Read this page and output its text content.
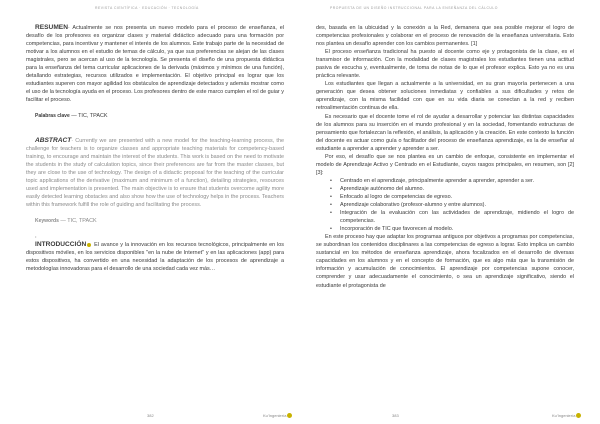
REVISTA CIENTÍFICA · EDUCACIÓN · TECNOLOGÍA	PROPUESTA DE UN DISEÑO INSTRUCCIONAL PARA LA ENSEÑANZA DEL CÁLCULO

RESUMEN· Actualmente se nos presenta un nuevo modelo para el proceso de enseñanza, el desafío de los profesores es organizar clases y material didáctico adecuado para una formación por competencias, para incentivar y mantener el interés de los alumnos. Este trabajo parte de la necesidad de motivar a los alumnos en el estudio de temas de cálculo, ya que sus preferencias se alejan de las clases magistrales, pero se acercan al uso de la tecnología. Se presenta el diseño de una propuesta didáctica para la enseñanza del tema curricular aplicaciones de la derivada (máximos y mínimos de una función), detallando estrategias, recursos utilizados e implementación. El objetivo principal es lograr que los estudiantes superen con mayor agilidad los obstáculos de aprendizaje detectados y además mostrar como el uso de la tecnología ayuda en el proceso. Los profesores dentro de este marco cumplen el rol de guiar y facilitar el proceso.

Palabras clave — TIC, TPACK

ABSTRACT· Currently we are presented with a new model for the teaching-learning process, the challenge for teachers is to organize classes and appropriate teaching materials for competency-based training, to encourage and maintain the interest of the students. This work is based on the need to motivate the students in the study of calculation topics, since their preferences are far from the master classes, but they are close to the use of technology. The design of a didactic proposal for the teaching of the curricular topic applications of the derivative (maximum and minimum of a function), detailing strategies, resources used and implementation is presented. The main objective is to ensure that students overcome agility more easily detected learning obstacles and also show how the use of technology helps in the process. Teachers within this framework fulfill the role of guiding and facilitating the process.

Keywords — TIC, TPACK

•

INTRODUCCIÓN El avance y la innovación en los recursos tecnológicos, principalmente en los dispositivos móviles, en los servicios disponibles "en la nube de Internet" y en las aplicaciones (app) para estos dispositivos, ha convertido en una necesidad la adaptación de los procesos de aprendizaje a metodologías innovadoras para el desarrollo de una sociedad cada vez más…

des, basada en la ubicuidad y la conexión a la Red, demanera que sea posible mejorar el logro de competencias profesionales y colaborar en el proceso de renovación de la enseñanza universitaria. Esto nos plantea un desafío aprender con los cambios permanentes. [1]

El proceso enseñanza tradicional ha puesto al docente como eje y protagonista de la clase, es el transmisor de información. Con la modalidad de clases magistrales los estudiantes tienen una actitud pasiva de escucha y, eventualmente, de toma de notas de lo que el profesor explica. Esto ya no es una práctica relevante.

Los estudiantes que llegan a actualmente a la universidad, en su gran mayoría pertenecen a una generación que desea obtener soluciones inmediatas y confiables a sus dificultades y retos de aprendizaje, con la misma facilidad con que en su vida diaria se conectan a la red y reciben retroalimentación continua de ella.

Es necesario que el docente tome el rol de ayudar a desarrollar y potenciar las distintas capacidades de los alumnos para su inserción en el mundo profesional y en la sociedad, fomentando estructuras de pensamiento que fortalezcan la reflexión, el análisis, la aplicación y la creación. En este contexto la función del docente es actuar como guía o facilitador del proceso de enseñanza aprendizaje, es la de enseñar al estudiante a aprender a aprender y aprender a ser.

Por eso, el desafío que se nos plantea es un cambio de enfoque, consistente en implementar el modelo de Aprendizaje Activo y Centrado en el Estudiante, cuyos rasgos principales, en resumen, son [2] [3]:

• Centrado en el aprendizaje, principalmente aprender a aprender, aprender a ser.
• Aprendizaje autónomo del alumno.
• Enfocado al logro de competencias de egreso.
• Aprendizaje colaborativo (profesor-alumno y entre alumnos).
• Integración de la evaluación con las actividades de aprendizaje, midiendo el logro de competencias.
• Incorporación de TIC que favorecen al modelo.

En este proceso hay que adaptar los programas antiguos por objetivos a programas por competencias, se subordinan los contenidos disciplinares a las competencias de egreso a lograr. Esto implica un cambio sustancial en los métodos de enseñanza aprendizaje, ahora focalizados en el desarrollo de diversas capacidades en los alumnos y en el concepto de formación, que es algo más que la transmisión de información y acumulación de conocimientos. El aprendizaje por competencias supone conocer, comprender y usar adecuadamente el conocimiento, o sea un aprendizaje significativo, siendo el estudiante el protagonista de

382	Ku'Ingeniería	383	Ku'Ingeniería
